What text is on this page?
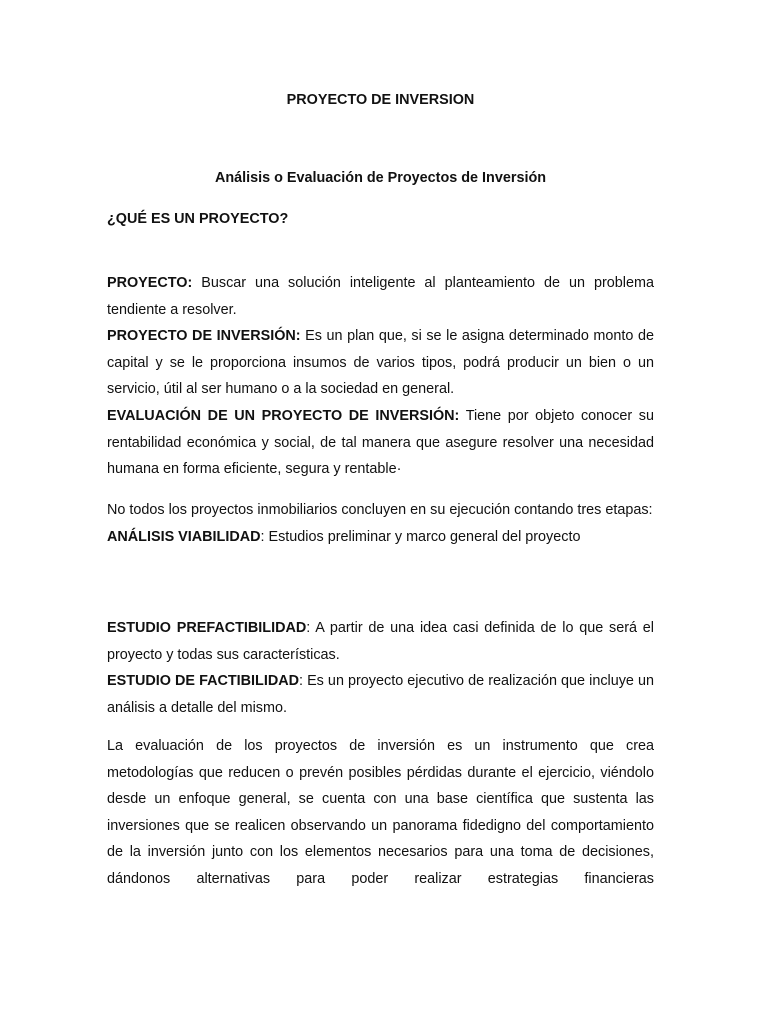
PROYECTO DE INVERSION
Análisis o Evaluación de Proyectos de Inversión
¿QUÉ ES UN PROYECTO?

PROYECTO: Buscar una solución inteligente al planteamiento de un problema tendiente a resolver.

PROYECTO DE INVERSIÓN: Es un plan que, si se le asigna determinado monto de capital y se le proporciona insumos de varios tipos, podrá producir un bien o un servicio, útil al ser humano o a la sociedad en general.

EVALUACIÓN DE UN PROYECTO DE INVERSIÓN: Tiene por objeto conocer su rentabilidad económica y social, de tal manera que asegure resolver una necesidad humana en forma eficiente, segura y rentable·

No todos los proyectos inmobiliarios concluyen en su ejecución contando tres etapas:

ANÁLISIS VIABILIDAD: Estudios preliminar y marco general del proyecto

ESTUDIO PREFACTIBILIDAD: A partir de una idea casi definida de lo que será el proyecto y todas sus características.

ESTUDIO DE FACTIBILIDAD: Es un proyecto ejecutivo de realización que incluye un análisis a detalle del mismo.

La evaluación de los proyectos de inversión es un instrumento que crea metodologías que reducen o prevén posibles pérdidas durante el ejercicio, viéndolo desde un enfoque general, se cuenta con una base científica que sustenta las inversiones que se realicen observando un panorama fidedigno del comportamiento de la inversión junto con los elementos necesarios para una toma de decisiones, dándonos alternativas para poder realizar estrategias financieras
